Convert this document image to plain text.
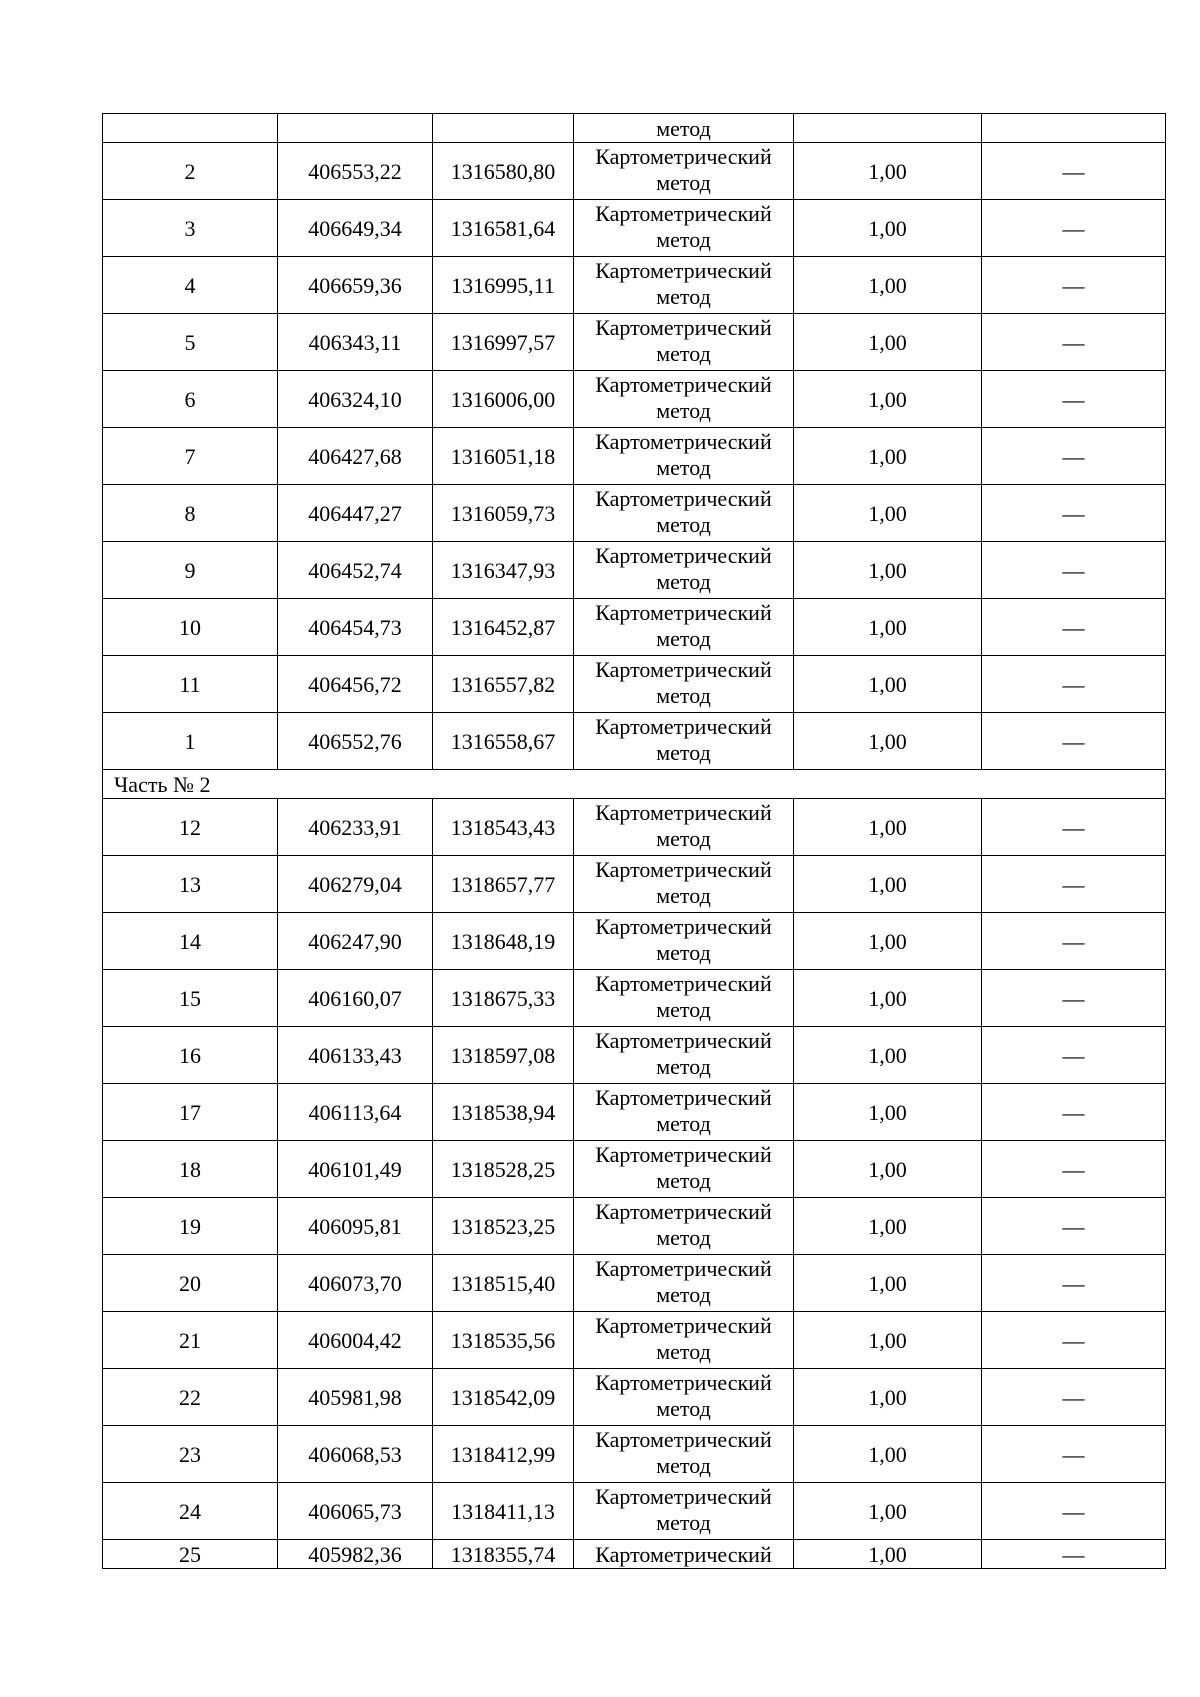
			метод		
2	406553,22	1316580,80	Картометрический метод	1,00	—
3	406649,34	1316581,64	Картометрический метод	1,00	—
4	406659,36	1316995,11	Картометрический метод	1,00	—
5	406343,11	1316997,57	Картометрический метод	1,00	—
6	406324,10	1316006,00	Картометрический метод	1,00	—
7	406427,68	1316051,18	Картометрический метод	1,00	—
8	406447,27	1316059,73	Картометрический метод	1,00	—
9	406452,74	1316347,93	Картометрический метод	1,00	—
10	406454,73	1316452,87	Картометрический метод	1,00	—
11	406456,72	1316557,82	Картометрический метод	1,00	—
1	406552,76	1316558,67	Картометрический метод	1,00	—
Часть № 2					
12	406233,91	1318543,43	Картометрический метод	1,00	—
13	406279,04	1318657,77	Картометрический метод	1,00	—
14	406247,90	1318648,19	Картометрический метод	1,00	—
15	406160,07	1318675,33	Картометрический метод	1,00	—
16	406133,43	1318597,08	Картометрический метод	1,00	—
17	406113,64	1318538,94	Картометрический метод	1,00	—
18	406101,49	1318528,25	Картометрический метод	1,00	—
19	406095,81	1318523,25	Картометрический метод	1,00	—
20	406073,70	1318515,40	Картометрический метод	1,00	—
21	406004,42	1318535,56	Картометрический метод	1,00	—
22	405981,98	1318542,09	Картометрический метод	1,00	—
23	406068,53	1318412,99	Картометрический метод	1,00	—
24	406065,73	1318411,13	Картометрический метод	1,00	—
25	405982,36	1318355,74	Картометрический	1,00	—
